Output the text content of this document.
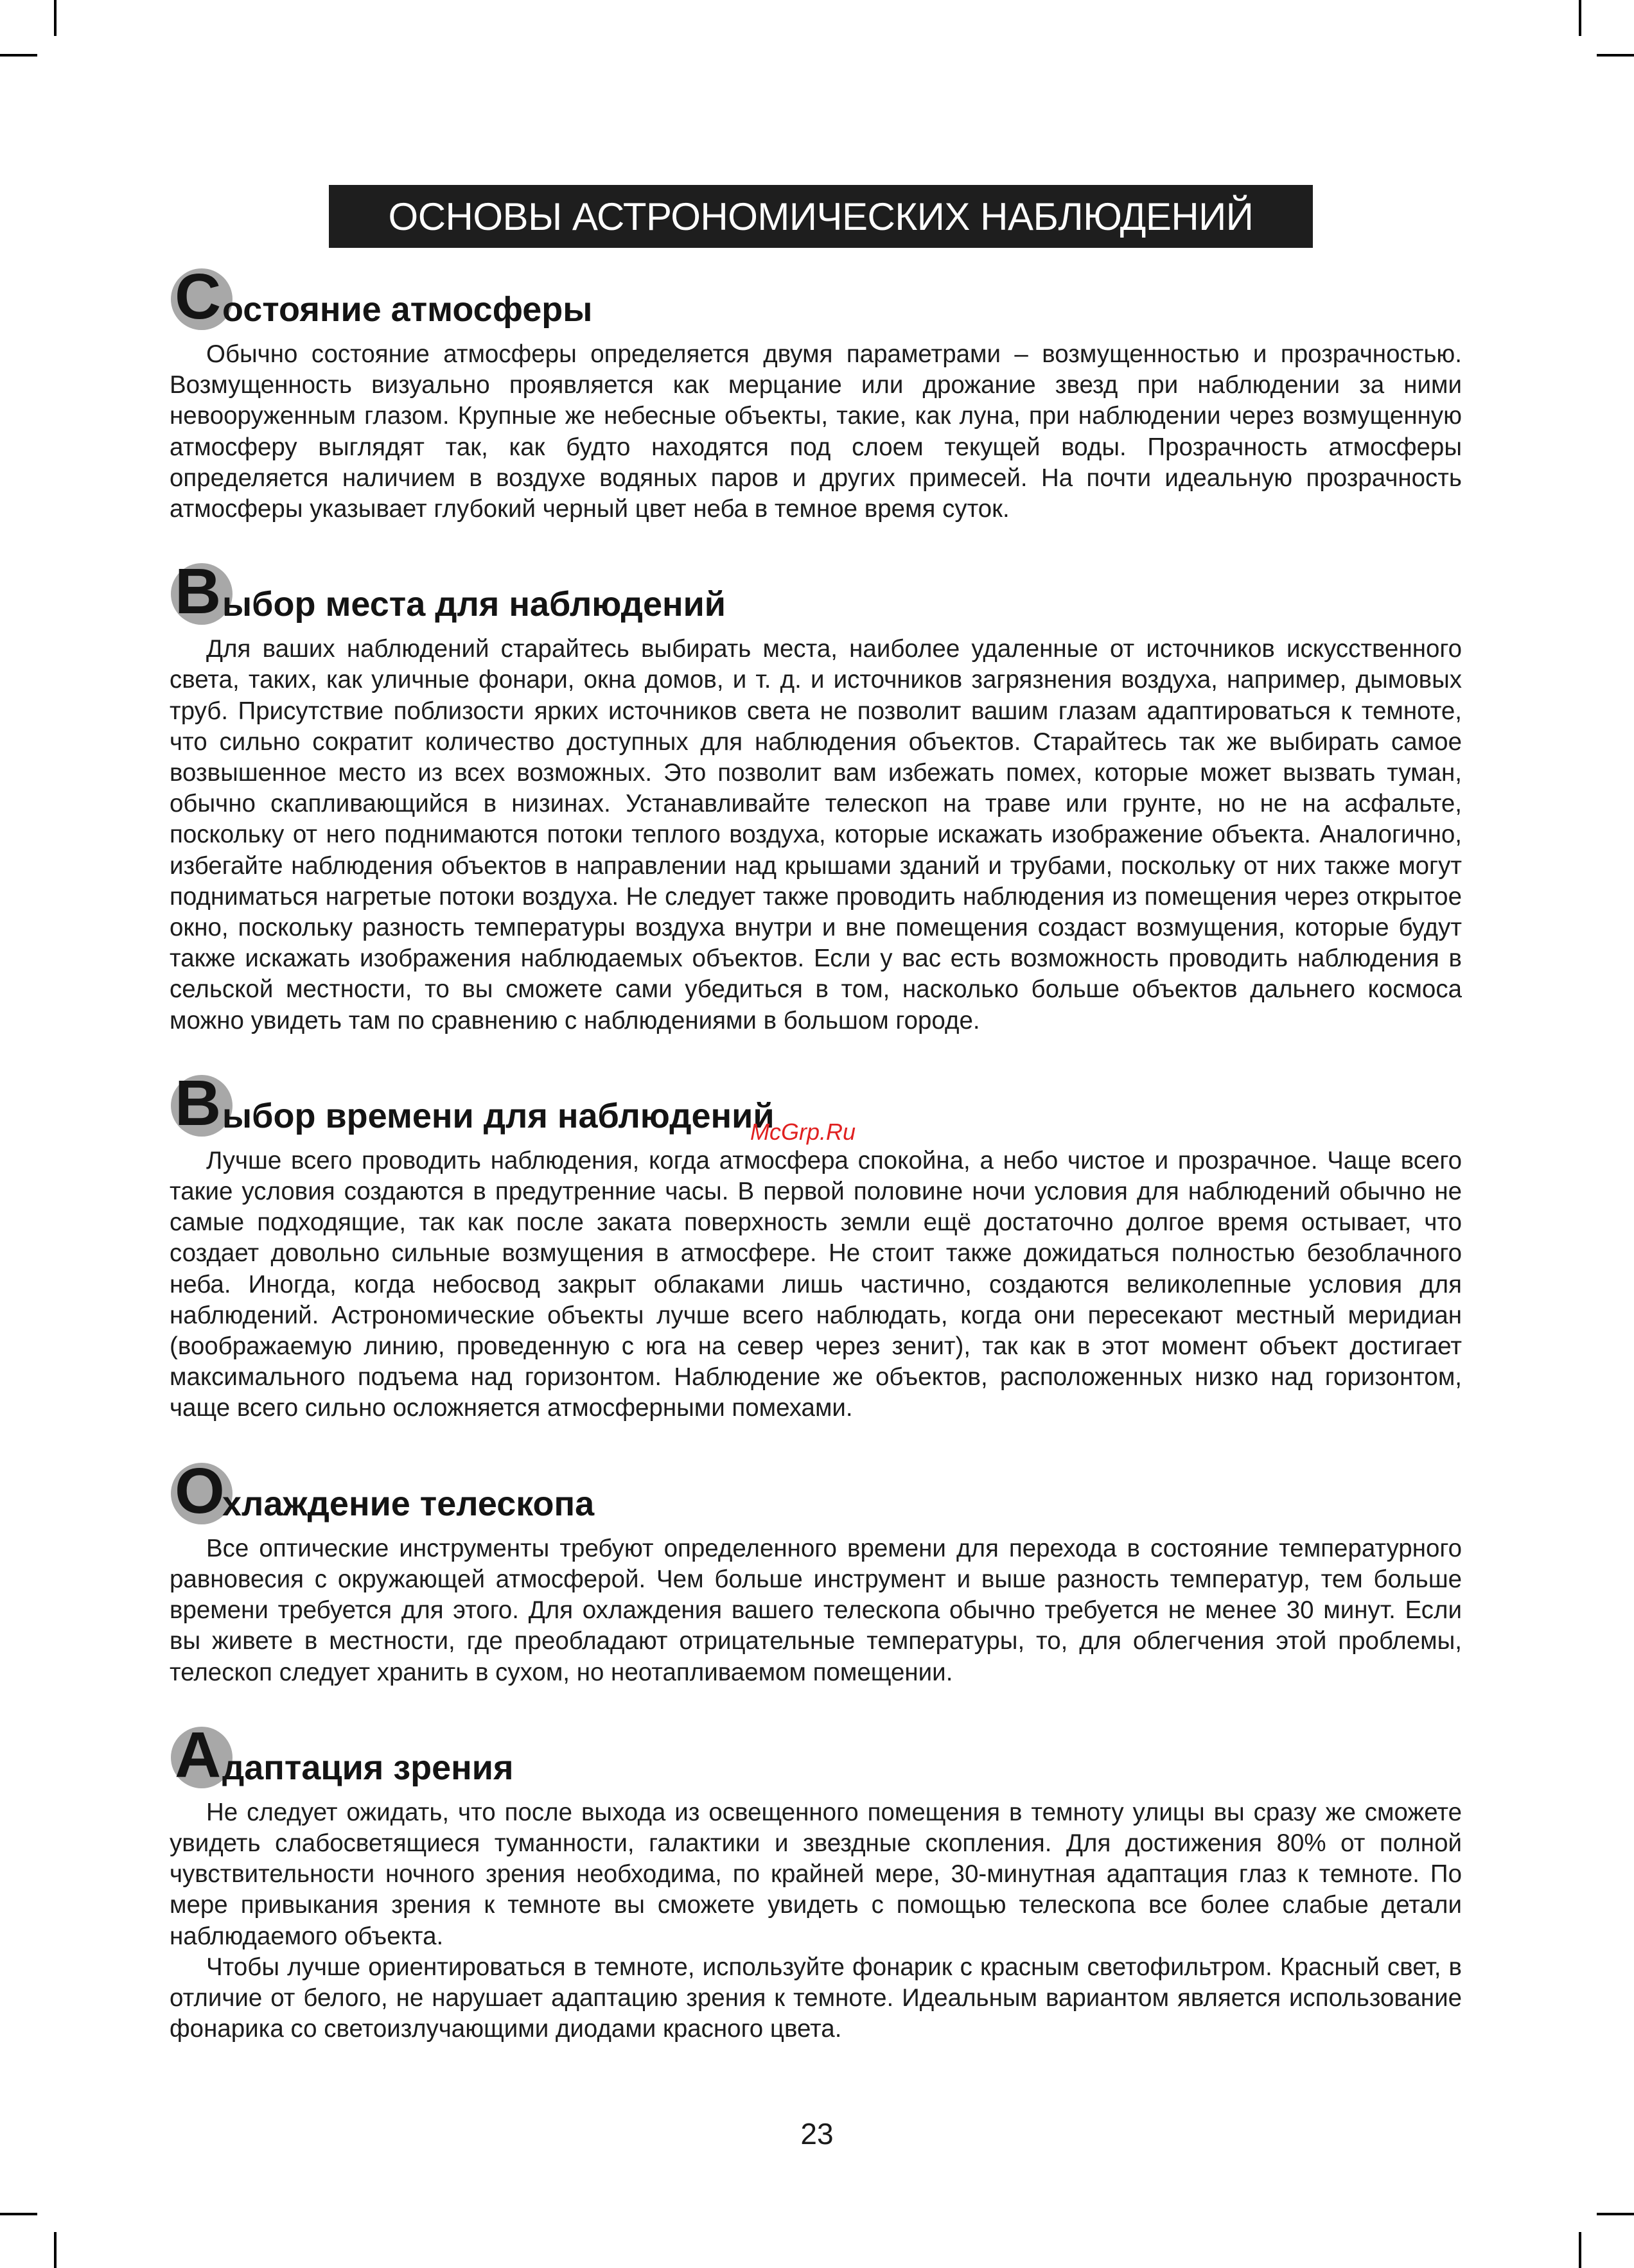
ОСНОВЫ АСТРОНОМИЧЕСКИХ НАБЛЮДЕНИЙ
С остояние атмосферы

Обычно состояние атмосферы определяется двумя параметрами – возмущенностью и прозрачностью. Возмущенность визуально проявляется как мерцание или дрожание звезд при наблюдении за ними невооруженным глазом. Крупные же небесные объекты, такие, как луна, при наблюдении через возмущенную атмосферу выглядят так, как будто находятся под слоем текущей воды. Прозрачность атмосферы определяется наличием в воздухе водяных паров и других примесей. На почти идеальную прозрачность атмосферы указывает глубокий черный цвет неба в темное время суток.

В ыбор места для наблюдений

Для ваших наблюдений старайтесь выбирать места, наиболее удаленные от источников искусственного света, таких, как уличные фонари, окна домов, и т. д. и источников загрязнения воздуха, например, дымовых труб. Присутствие поблизости ярких источников света не позволит вашим глазам адаптироваться к темноте, что сильно сократит количество доступных для наблюдения объектов. Старайтесь так же выбирать самое возвышенное место из всех возможных. Это позволит вам избежать помех, которые может вызвать туман, обычно скапливающийся в низинах. Устанавливайте телескоп на траве или грунте, но не на асфальте, поскольку от него поднимаются потоки теплого воздуха, которые искажать изображение объекта. Аналогично, избегайте наблюдения объектов в направлении над крышами зданий и трубами, поскольку от них также могут подниматься нагретые потоки воздуха. Не следует также проводить наблюдения из помещения через открытое окно, поскольку разность температуры воздуха внутри и вне помещения создаст возмущения, которые будут также искажать изображения наблюдаемых объектов. Если у вас есть возможность проводить наблюдения в сельской местности, то вы сможете сами убедиться в том, насколько больше объектов дальнего космоса можно увидеть там по сравнению с наблюдениями в большом городе.

В ыбор времени для наблюдений

Лучше всего проводить наблюдения, когда атмосфера спокойна, а небо чистое и прозрачное. Чаще всего такие условия создаются в предутренние часы. В первой половине ночи условия для наблюдений обычно не самые подходящие, так как после заката поверхность земли ещё достаточно долгое время остывает, что создает довольно сильные возмущения в атмосфере. Не стоит также дожидаться полностью безоблачного неба. Иногда, когда небосвод закрыт облаками лишь частично, создаются великолепные условия для наблюдений. Астрономические объекты лучше всего наблюдать, когда они пересекают местный меридиан (воображаемую линию, проведенную с юга на север через зенит), так как в этот момент объект достигает максимального подъема над горизонтом. Наблюдение же объектов, расположенных низко над горизонтом, чаще всего сильно осложняется атмосферными помехами.

О
хлаждение телескопа

Все оптические инструменты требуют определенного времени для перехода в состояние температурного равновесия с окружающей атмосферой. Чем больше инструмент и выше разность температур, тем больше времени требуется для этого. Для охлаждения вашего телескопа обычно требуется не менее 30 минут. Если вы живете в местности, где преобладают отрицательные температуры, то, для облегчения этой проблемы, телескоп следует хранить в сухом, но неотапливаемом помещении.

А даптация зрения

Не следует ожидать, что после выхода из освещенного помещения в темноту улицы вы сразу же сможете увидеть слабосветящиеся туманности, галактики и звездные скопления. Для достижения 80% от полной чувствительности ночного зрения необходима, по крайней мере, 30-минутная адаптация глаз к темноте. По мере привыкания зрения к темноте вы сможете увидеть с помощью телескопа все более слабые детали наблюдаемого объекта.

Чтобы лучше ориентироваться в темноте, используйте фонарик с красным светофильтром. Красный свет, в отличие от белого, не нарушает адаптацию зрения к темноте. Идеальным вариантом является использование фонарика со светоизлучающими диодами красного цвета.

McGrp.Ru
23
